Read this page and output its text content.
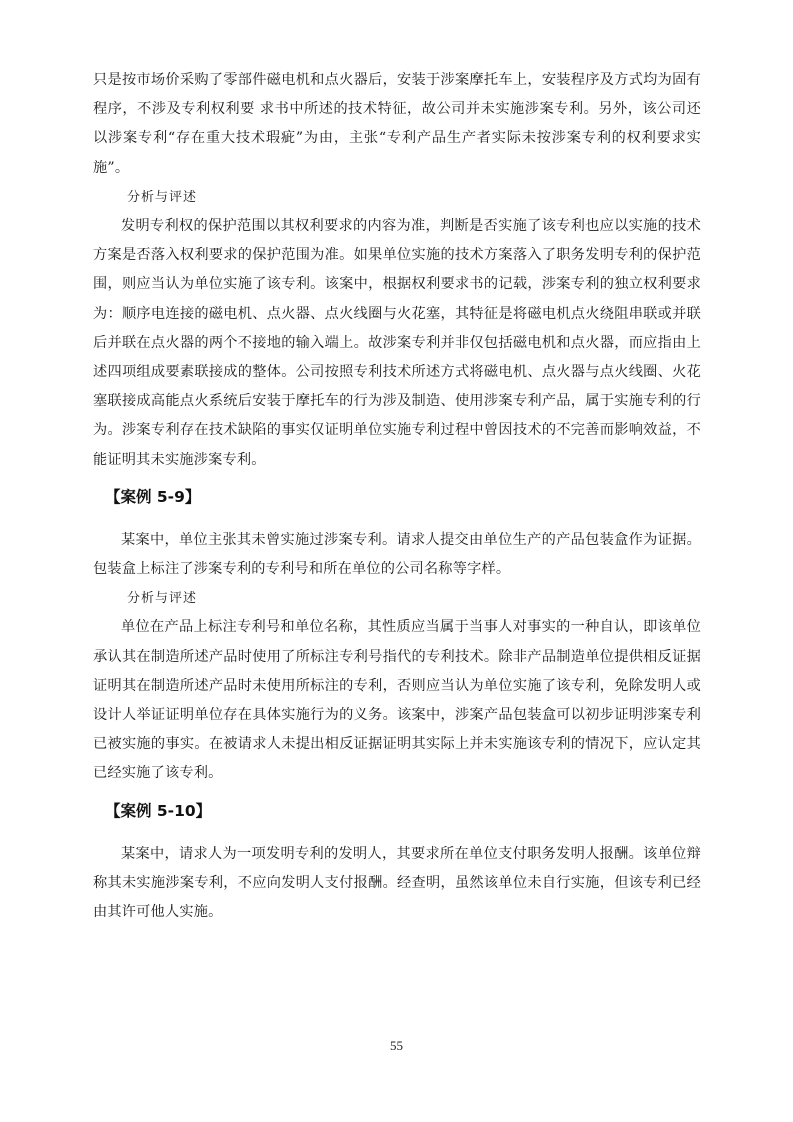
只是按市场价采购了零部件磁电机和点火器后，安装于涉案摩托车上，安装程序及方式均为固有程序，不涉及专利权利要 求书中所述的技术特征，故公司并未实施涉案专利。另外，该公司还以涉案专利“存在重大技术瑕疵”为由，主张“专利产品生产者实际未按涉案专利的权利要求实施”。

分析与评述

发明专利权的保护范围以其权利要求的内容为准，判断是否实施了该专利也应以实施的技术方案是否落入权利要求的保护范围为准。如果单位实施的技术方案落入了职务发明专利的保护范围，则应当认为单位实施了该专利。该案中，根据权利要求书的记载，涉案专利的独立权利要求为：顺序电连接的磁电机、点火器、点火线圈与火花塞，其特征是将磁电机点火绕阻串联或并联后并联在点火器的两个不接地的输入端上。故涉案专利并非仅包括磁电机和点火器，而应指由上述四项组成要素联接成的整体。公司按照专利技术所述方式将磁电机、点火器与点火线圈、火花塞联接成高能点火系统后安装于摩托车的行为涉及制造、使用涉案专利产品，属于实施专利的行为。涉案专利存在技术缺陷的事实仅证明单位实施专利过程中曾因技术的不完善而影响效益，不能证明其未实施涉案专利。

【案例 5-9】

某案中，单位主张其未曾实施过涉案专利。请求人提交由单位生产的产品包装盒作为证据。包装盒上标注了涉案专利的专利号和所在单位的公司名称等字样。

分析与评述

单位在产品上标注专利号和单位名称，其性质应当属于当事人对事实的一种自认，即该单位承认其在制造所述产品时使用了所标注专利号指代的专利技术。除非产品制造单位提供相反证据证明其在制造所述产品时未使用所标注的专利，否则应当认为单位实施了该专利，免除发明人或设计人举证证明单位存在具体实施行为的义务。该案中，涉案产品包装盒可以初步证明涉案专利已被实施的事实。在被请求人未提出相反证据证明其实际上并未实施该专利的情况下，应认定其已经实施了该专利。

【案例 5-10】

某案中，请求人为一项发明专利的发明人，其要求所在单位支付职务发明人报酬。该单位辩称其未实施涉案专利，不应向发明人支付报酬。经查明，虽然该单位未自行实施，但该专利已经由其许可他人实施。

55
